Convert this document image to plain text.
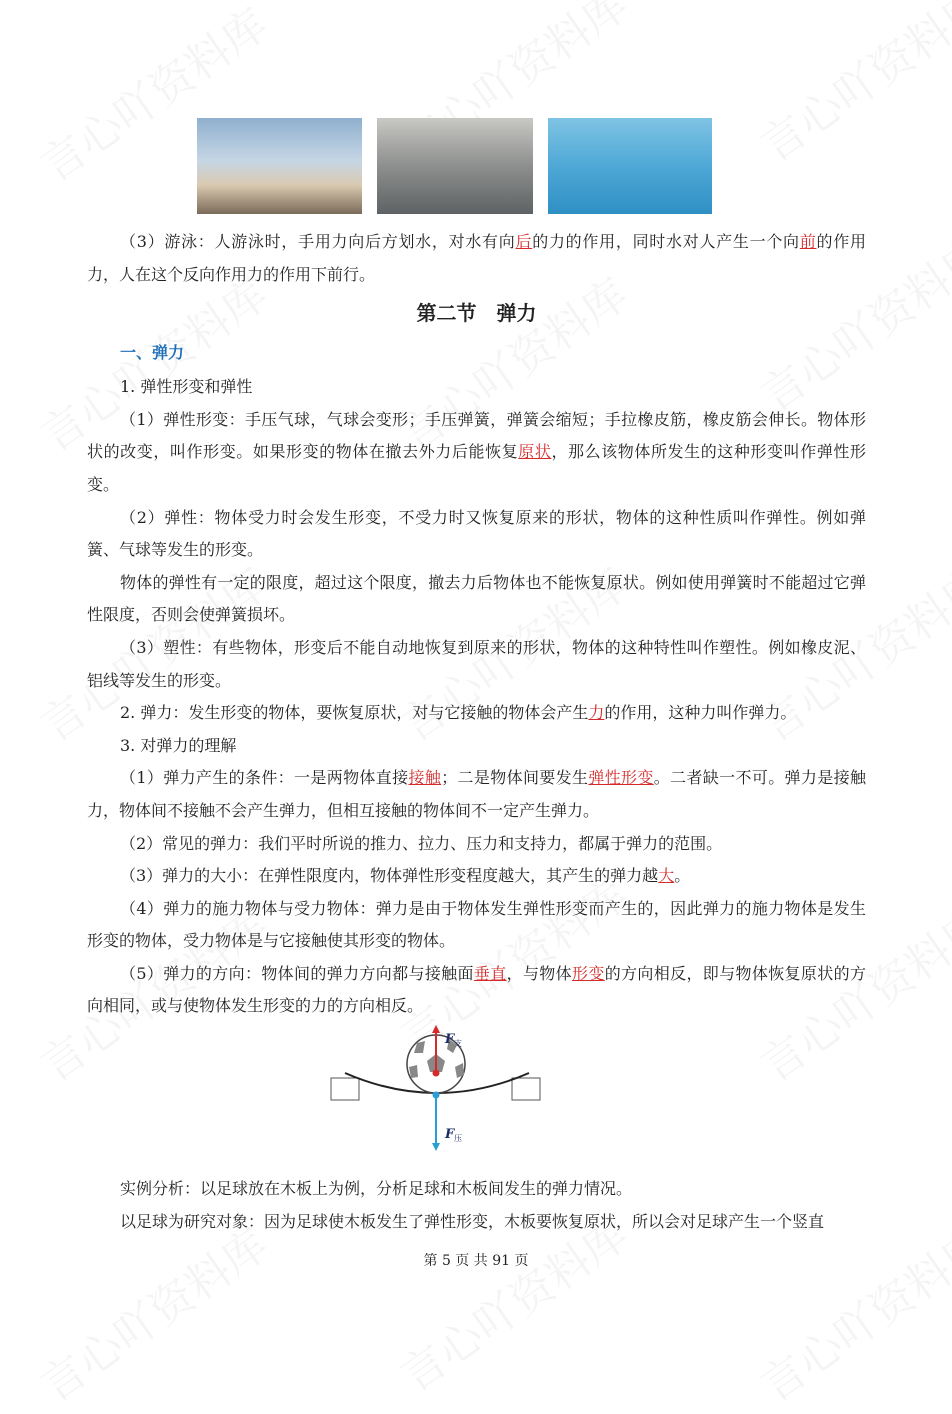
（3）游泳：人游泳时，手用力向后方划水，对水有向后的力的作用，同时水对人产生一个向前的作用力，人在这个反向作用力的作用下前行。

第二节　弹力
一、弹力

1. 弹性形变和弹性

（1）弹性形变：手压气球，气球会变形；手压弹簧，弹簧会缩短；手拉橡皮筋，橡皮筋会伸长。物体形状的改变，叫作形变。如果形变的物体在撤去外力后能恢复原状，那么该物体所发生的这种形变叫作弹性形变。

（2）弹性：物体受力时会发生形变，不受力时又恢复原来的形状，物体的这种性质叫作弹性。例如弹簧、气球等发生的形变。

物体的弹性有一定的限度，超过这个限度，撤去力后物体也不能恢复原状。例如使用弹簧时不能超过它弹性限度，否则会使弹簧损坏。

（3）塑性：有些物体，形变后不能自动地恢复到原来的形状，物体的这种特性叫作塑性。例如橡皮泥、铝线等发生的形变。

2. 弹力：发生形变的物体，要恢复原状，对与它接触的物体会产生力的作用，这种力叫作弹力。

3. 对弹力的理解

（1）弹力产生的条件：一是两物体直接接触；二是物体间要发生弹性形变。二者缺一不可。弹力是接触力，物体间不接触不会产生弹力，但相互接触的物体间不一定产生弹力。

（2）常见的弹力：我们平时所说的推力、拉力、压力和支持力，都属于弹力的范围。

（3）弹力的大小：在弹性限度内，物体弹性形变程度越大，其产生的弹力越大。

（4）弹力的施力物体与受力物体：弹力是由于物体发生弹性形变而产生的，因此弹力的施力物体是发生形变的物体，受力物体是与它接触使其形变的物体。

（5）弹力的方向：物体间的弹力方向都与接触面垂直，与物体形变的方向相反，即与物体恢复原状的方向相同，或与使物体发生形变的力的方向相反。

F 支
F 压

实例分析：以足球放在木板上为例，分析足球和木板间发生的弹力情况。

以足球为研究对象：因为足球使木板发生了弹性形变，木板要恢复原状，所以会对足球产生一个竖直

第 5 页 共 91 页
